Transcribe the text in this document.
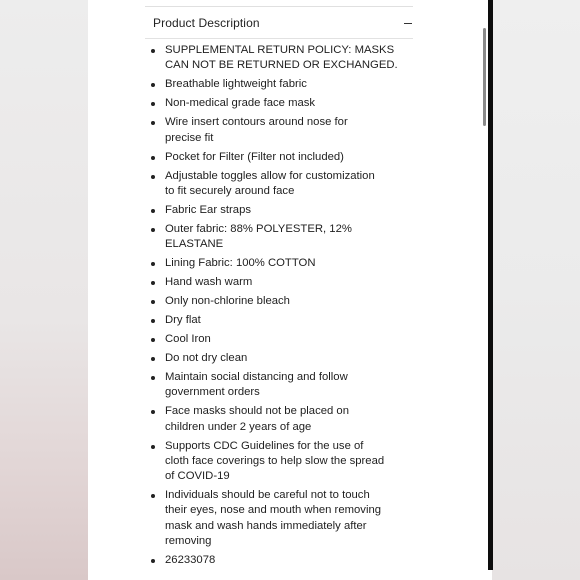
Product Description
SUPPLEMENTAL RETURN POLICY: MASKS
CAN NOT BE RETURNED OR EXCHANGED.
Breathable lightweight fabric
Non-medical grade face mask
Wire insert contours around nose for
precise fit
Pocket for Filter (Filter not included)
Adjustable toggles allow for customization
to fit securely around face
Fabric Ear straps
Outer fabric: 88% POLYESTER, 12%
ELASTANE
Lining Fabric: 100% COTTON
Hand wash warm
Only non-chlorine bleach
Dry flat
Cool Iron
Do not dry clean
Maintain social distancing and follow
government orders
Face masks should not be placed on
children under 2 years of age
Supports CDC Guidelines for the use of
cloth face coverings to help slow the spread
of COVID-19
Individuals should be careful not to touch
their eyes, nose and mouth when removing
mask and wash hands immediately after
removing
26233078
